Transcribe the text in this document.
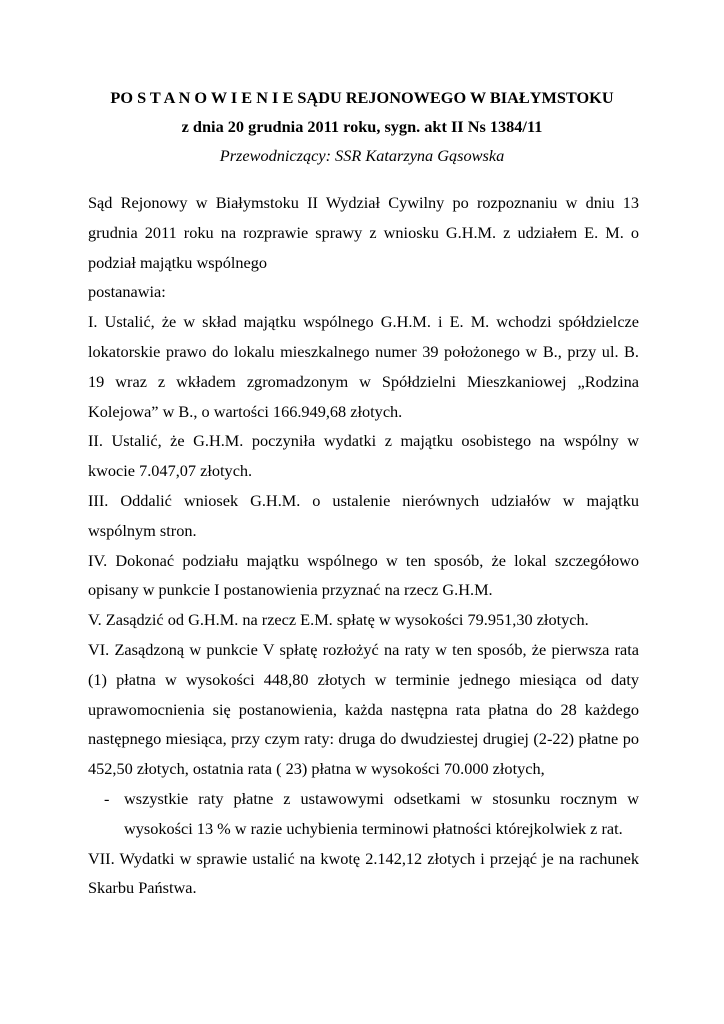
PO S T A N O W I E N I E SĄDU REJONOWEGO W BIAŁYMSTOKU
z dnia 20 grudnia 2011 roku, sygn. akt II Ns 1384/11
Przewodniczący: SSR Katarzyna Gąsowska

Sąd Rejonowy w Białymstoku II Wydział Cywilny po rozpoznaniu w dniu 13 grudnia 2011 roku na rozprawie sprawy z wniosku G.H.M. z udziałem E. M. o podział majątku wspólnego

postanawia:

I. Ustalić, że w skład majątku wspólnego G.H.M. i E. M. wchodzi spółdzielcze lokatorskie prawo do lokalu mieszkalnego numer 39 położonego w B., przy ul. B. 19 wraz z wkładem zgromadzonym w Spółdzielni Mieszkaniowej „Rodzina Kolejowa” w B., o wartości 166.949,68 złotych.

II. Ustalić, że G.H.M. poczyniła wydatki z majątku osobistego na wspólny w kwocie 7.047,07 złotych.

III. Oddalić wniosek G.H.M. o ustalenie nierównych udziałów w majątku wspólnym stron.

IV. Dokonać podziału majątku wspólnego w ten sposób, że lokal szczegółowo opisany w punkcie I postanowienia przyznać na rzecz G.H.M.

V. Zasądzić od G.H.M. na rzecz E.M. spłatę w wysokości 79.951,30 złotych.

VI. Zasądzoną w punkcie V spłatę rozłożyć na raty w ten sposób, że pierwsza rata (1) płatna w wysokości 448,80 złotych w terminie jednego miesiąca od daty uprawomocnienia się postanowienia, każda następna rata płatna do 28 każdego następnego miesiąca, przy czym raty: druga do dwudziestej drugiej (2-22) płatne po 452,50 złotych, ostatnia rata ( 23) płatna w wysokości 70.000 złotych,

- wszystkie raty płatne z ustawowymi odsetkami w stosunku rocznym w wysokości 13 % w razie uchybienia terminowi płatności którejkolwiek z rat.

VII. Wydatki w sprawie ustalić na kwotę 2.142,12 złotych i przejąć je na rachunek Skarbu Państwa.
